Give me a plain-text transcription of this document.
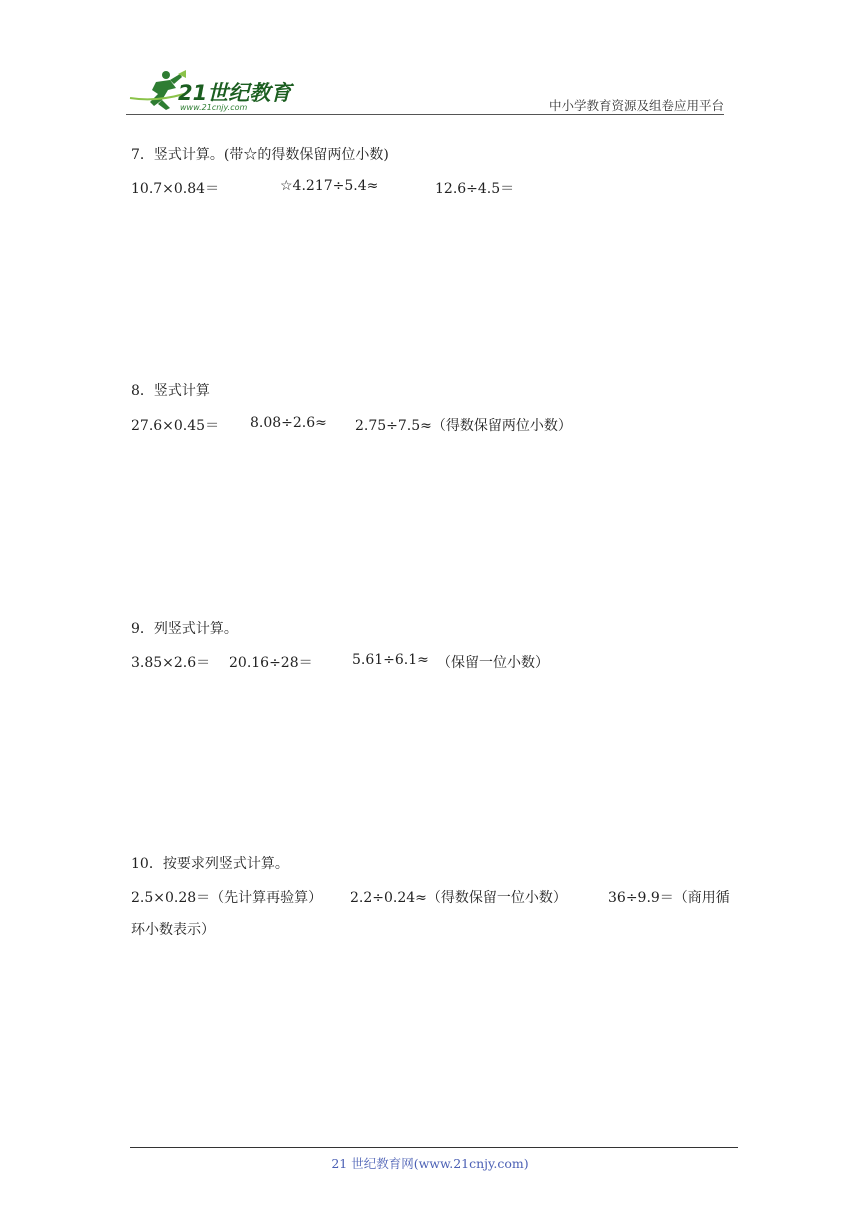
21世纪教育
www.21cnjy.com	中小学教育资源及组卷应用平台
7．竖式计算。(带☆的得数保留两位小数)
10.7×0.84＝	☆4.217÷5.4≈	12.6÷4.5＝
8．竖式计算
27.6×0.45＝ 8.08÷2.6≈ 2.75÷7.5≈（得数保留两位小数）
9．列竖式计算。
3.85×2.6＝ 20.16÷28＝	5.61÷6.1≈ （保留一位小数）
10．按要求列竖式计算。
2.5×0.28＝（先计算再验算） 2.2÷0.24≈（得数保留一位小数）	36÷9.9＝（商用循
环小数表示）
21 世纪教育网(www.21cnjy.com)
